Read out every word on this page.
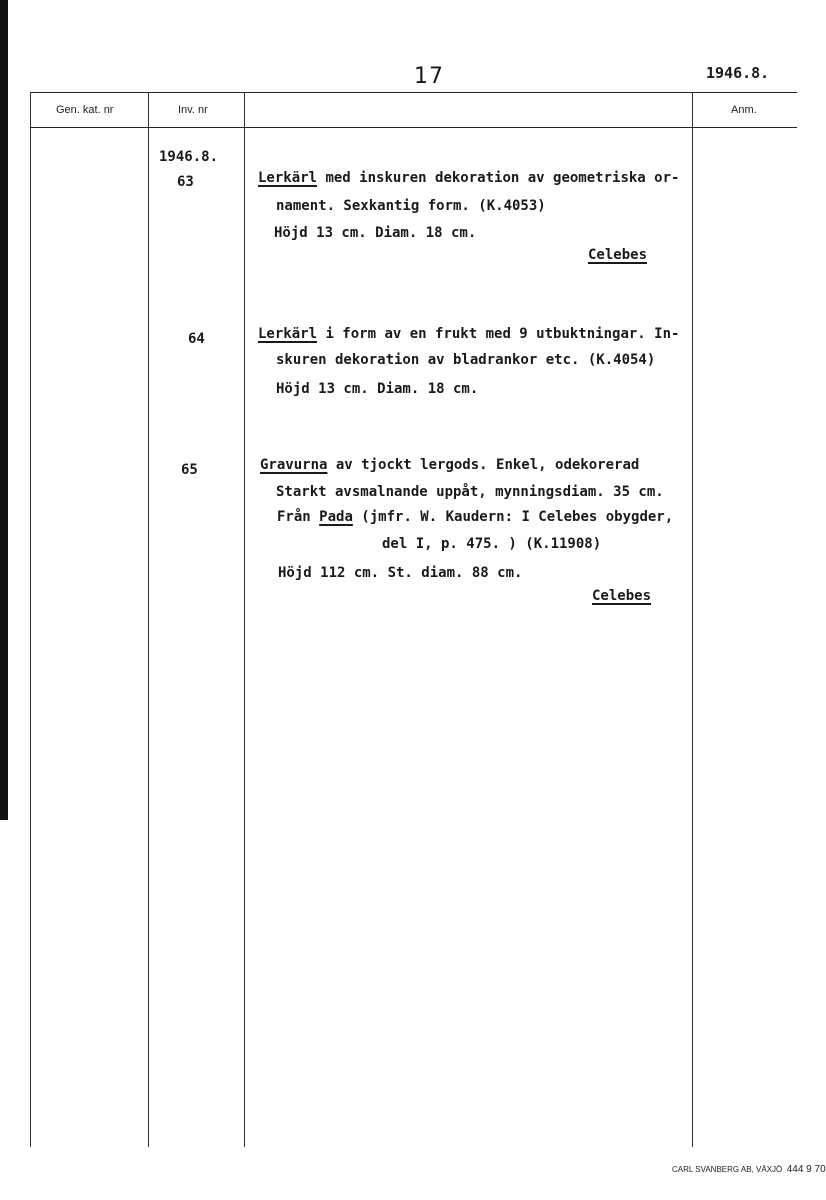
17	1946.8.
Gen. kat. nr	Inv. nr	Anm.
1946.8.
63	Lerkärl med inskuren dekoration av geometriska or-
nament. Sexkantig form. (K.4053)
Höjd 13 cm. Diam. 18 cm.
Celebes
64	Lerkärl i form av en frukt med 9 utbuktningar. In-
skuren dekoration av bladrankor etc. (K.4054)
Höjd 13 cm. Diam. 18 cm.
65	Gravurna av tjockt lergods. Enkel, odekorerad
Starkt avsmalnande uppåt, mynningsdiam. 35 cm.
Från Pada (jmfr. W. Kaudern: I Celebes obygder,
del I, p. 475. ) (K.11908)
Höjd 112 cm. St. diam. 88 cm.
Celebes
CARL SVANBERG AB, VÄXJÖ 444 9 70
